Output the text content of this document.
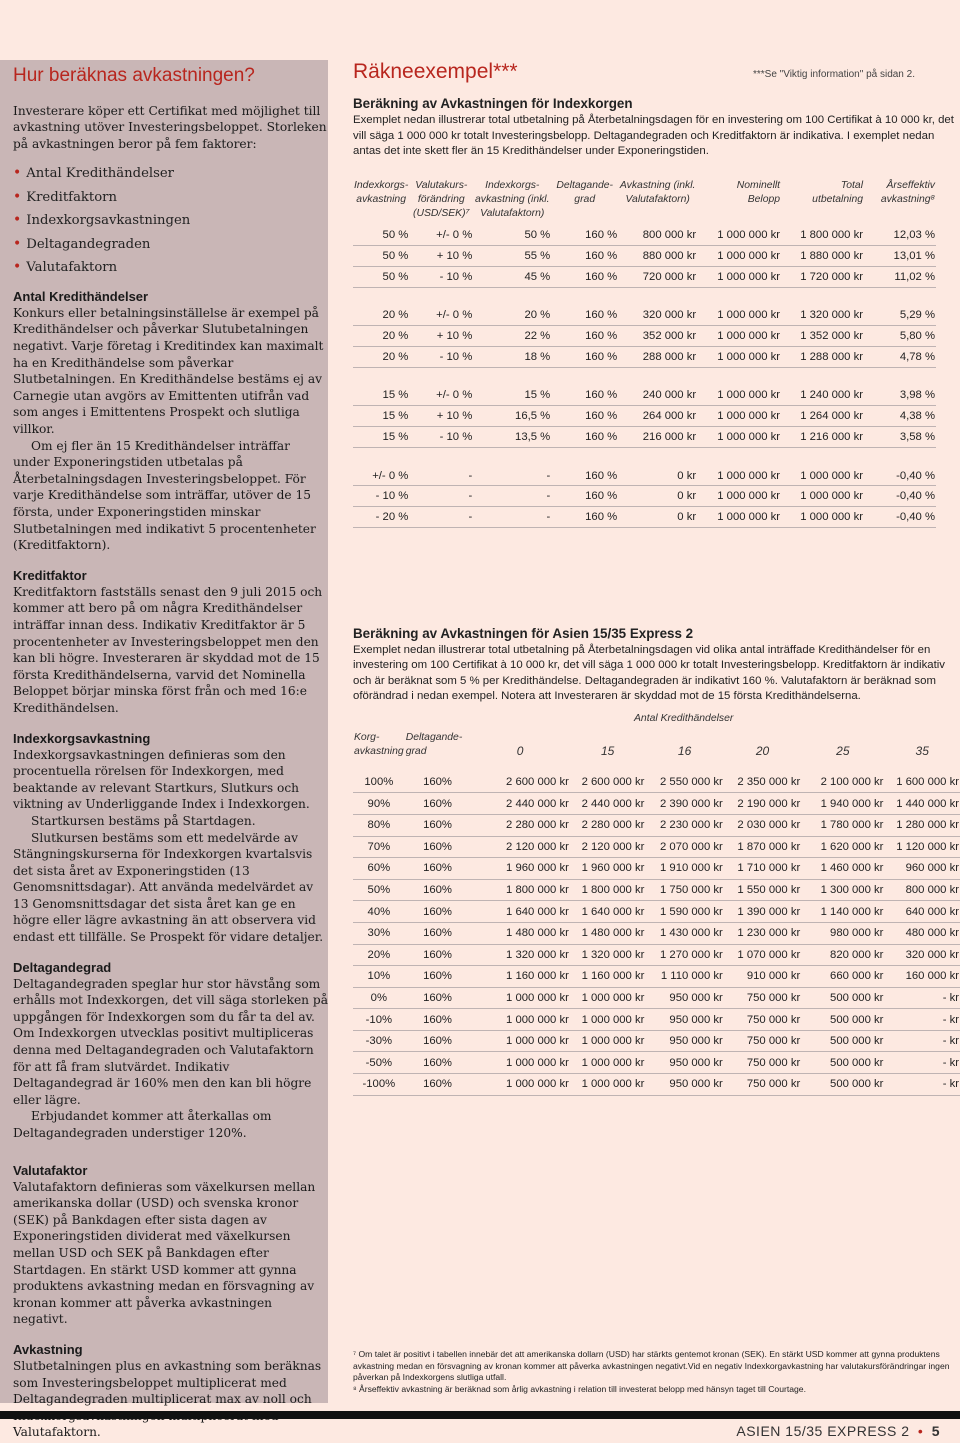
Hur beräknas avkastningen?

Investerare köper ett Certifikat med möjlighet till avkastning utöver Investeringsbeloppet. Storleken på avkastningen beror på fem faktorer:

• Antal Kredithändelser
• Kreditfaktorn
• Indexkorgsavkastningen
• Deltagandegraden
• Valutafaktorn
Antal Kredithändelser

Konkurs eller betalningsinställelse är exempel på Kredithändelser och påverkar Slutubetalningen negativt. Varje företag i Kreditindex kan maximalt ha en Kredithändelse som påverkar Slutbetalningen. En Kredithändelse bestäms ej av Carnegie utan avgörs av Emittenten utifrån vad som anges i Emittentens Prospekt och slutliga villkor.

Om ej fler än 15 Kredithändelser inträffar under Exponeringstiden utbetalas på Återbetalningsdagen Investeringsbeloppet. För varje Kredithändelse som inträffar, utöver de 15 första, under Exponeringstiden minskar Slutbetalningen med indikativt 5 procentenheter (Kreditfaktorn).

Kreditfaktor

Kreditfaktorn fastställs senast den 9 juli 2015 och kommer att bero på om några Kredithändelser inträffar innan dess. Indikativ Kreditfaktor är 5 procentenheter av Investeringsbeloppet men den kan bli högre. Investeraren är skyddad mot de 15 första Kredithändelserna, varvid det Nominella Beloppet börjar minska först från och med 16:e Kredithändelsen.

Indexkorgsavkastning

Indexkorgsavkastningen definieras som den procentuella rörelsen för Indexkorgen, med beaktande av relevant Startkurs, Slutkurs och viktning av Underliggande Index i Indexkorgen.

Startkursen bestäms på Startdagen.

Slutkursen bestäms som ett medelvärde av Stängningskurserna för Indexkorgen kvartalsvis det sista året av Exponeringstiden (13 Genomsnittsdagar). Att använda medelvärdet av 13 Genomsnittsdagar det sista året kan ge en högre eller lägre avkastning än att observera vid endast ett tillfälle. Se Prospekt för vidare detaljer.

Deltagandegrad

Deltagandegraden speglar hur stor hävstång som erhålls mot Indexkorgen, det vill säga storleken på uppgången för Indexkorgen som du får ta del av. Om Indexkorgen utvecklas positivt multipliceras denna med Deltagandegraden och Valutafaktorn för att få fram slutvärdet. Indikativ Deltagandegrad är 160% men den kan bli högre eller lägre.

Erbjudandet kommer att återkallas om Deltagandegraden understiger 120%.

Valutafaktor

Valutafaktorn definieras som växelkursen mellan amerikanska dollar (USD) och svenska kronor (SEK) på Bankdagen efter sista dagen av Exponeringstiden dividerat med växelkursen mellan USD och SEK på Bankdagen efter Startdagen. En stärkt USD kommer att gynna produktens avkastning medan en försvagning av kronan kommer att påverka avkastningen negativt.

Avkastning

Slutbetalningen plus en avkastning som beräknas som Investeringsbeloppet multiplicerat med Deltagandegraden multiplicerat max av noll och Valutafaktorn.

Räkneexempel***	***Se "Viktig information" på sidan 2.

Beräkning av Avkastningen för Indexkorgen

Exemplet nedan illustrerar total utbetalning på Återbetalningsdagen för en investering om 100 Certifikat à 10 000 kr, det vill säga 1 000 000 kr totalt Investeringsbelopp. Deltagandegraden och Kreditfaktorn är indikativa. I exemplet nedan antas det inte skett fler än 15 Kredithändelser under Exponeringstiden.

Indexkorgs-
avkastning	Valutakurs-
förändring
(USD/SEK)⁷	Indexkorgs-
avkastning (inkl.
Valutafaktorn)	Deltagande-
grad	Avkastning (inkl.
Valutafaktorn)	Nominellt
Belopp	Total
utbetalning	Årseffektiv
avkastning⁸
50 %	+/- 0 %	50 %	160 %	800 000 kr	1 000 000 kr	1 800 000 kr	12,03 %
50 %	+ 10 %	55 %	160 %	880 000 kr	1 000 000 kr	1 880 000 kr	13,01 %
50 %	- 10 %	45 %	160 %	720 000 kr	1 000 000 kr	1 720 000 kr	11,02 %

20 %	+/- 0 %	20 %	160 %	320 000 kr	1 000 000 kr	1 320 000 kr	5,29 %
20 %	+ 10 %	22 %	160 %	352 000 kr	1 000 000 kr	1 352 000 kr	5,80 %
20 %	- 10 %	18 %	160 %	288 000 kr	1 000 000 kr	1 288 000 kr	4,78 %

15 %	+/- 0 %	15 %	160 %	240 000 kr	1 000 000 kr	1 240 000 kr	3,98 %
15 %	+ 10 %	16,5 %	160 %	264 000 kr	1 000 000 kr	1 264 000 kr	4,38 %
15 %	- 10 %	13,5 %	160 %	216 000 kr	1 000 000 kr	1 216 000 kr	3,58 %

+/- 0 %	-	-	160 %	0 kr	1 000 000 kr	1 000 000 kr	-0,40 %
- 10 %	-	-	160 %	0 kr	1 000 000 kr	1 000 000 kr	-0,40 %
- 20 %	-	-	160 %	0 kr	1 000 000 kr	1 000 000 kr	-0,40 %

Beräkning av Avkastningen för Asien 15/35 Express 2

Exemplet nedan illustrerar total utbetalning på Återbetalningsdagen vid olika antal inträffade Kredithändelser för en investering om 100 Certifikat à 10 000 kr, det vill säga 1 000 000 kr totalt Investeringsbelopp. Kreditfaktorn är indikativ och är beräknat som 5 % per Kredithändelse. Deltagandegraden är indikativt 160 %. Valutafaktorn är beräknad som oförändrad i nedan exempel. Notera att Investeraren är skyddad mot de 15 första Kredithändelserna.

Antal Kredithändelser
Korg-
avkastning	Deltagande-
grad	0	15	16	20	25	35
100%	160%	2 600 000 kr	2 600 000 kr	2 550 000 kr	2 350 000 kr	2 100 000 kr	1 600 000 kr
90%	160%	2 440 000 kr	2 440 000 kr	2 390 000 kr	2 190 000 kr	1 940 000 kr	1 440 000 kr
80%	160%	2 280 000 kr	2 280 000 kr	2 230 000 kr	2 030 000 kr	1 780 000 kr	1 280 000 kr
70%	160%	2 120 000 kr	2 120 000 kr	2 070 000 kr	1 870 000 kr	1 620 000 kr	1 120 000 kr
60%	160%	1 960 000 kr	1 960 000 kr	1 910 000 kr	1 710 000 kr	1 460 000 kr	960 000 kr
50%	160%	1 800 000 kr	1 800 000 kr	1 750 000 kr	1 550 000 kr	1 300 000 kr	800 000 kr
40%	160%	1 640 000 kr	1 640 000 kr	1 590 000 kr	1 390 000 kr	1 140 000 kr	640 000 kr
30%	160%	1 480 000 kr	1 480 000 kr	1 430 000 kr	1 230 000 kr	980 000 kr	480 000 kr
20%	160%	1 320 000 kr	1 320 000 kr	1 270 000 kr	1 070 000 kr	820 000 kr	320 000 kr
10%	160%	1 160 000 kr	1 160 000 kr	1 110 000 kr	910 000 kr	660 000 kr	160 000 kr
0%	160%	1 000 000 kr	1 000 000 kr	950 000 kr	750 000 kr	500 000 kr	- kr
-10%	160%	1 000 000 kr	1 000 000 kr	950 000 kr	750 000 kr	500 000 kr	- kr
-30%	160%	1 000 000 kr	1 000 000 kr	950 000 kr	750 000 kr	500 000 kr	- kr
-50%	160%	1 000 000 kr	1 000 000 kr	950 000 kr	750 000 kr	500 000 kr	- kr
-100%	160%	1 000 000 kr	1 000 000 kr	950 000 kr	750 000 kr	500 000 kr	- kr
⁷ Om talet är positivt i tabellen innebär det att amerikanska dollarn (USD) har stärkts gentemot kronan (SEK). En stärkt USD kommer att gynna produktens avkastning medan en försvagning av kronan kommer att påverka avkastningen negativt.Vid en negativ Indexkorgavkastning har valutakursförändringar ingen påverkan på Indexkorgens slutliga utfall.
⁸ Årseffektiv avkastning är beräknad som årlig avkastning i relation till investerat belopp med hänsyn taget till Courtage.
ASIEN 15/35 EXPRESS 2 • 5
